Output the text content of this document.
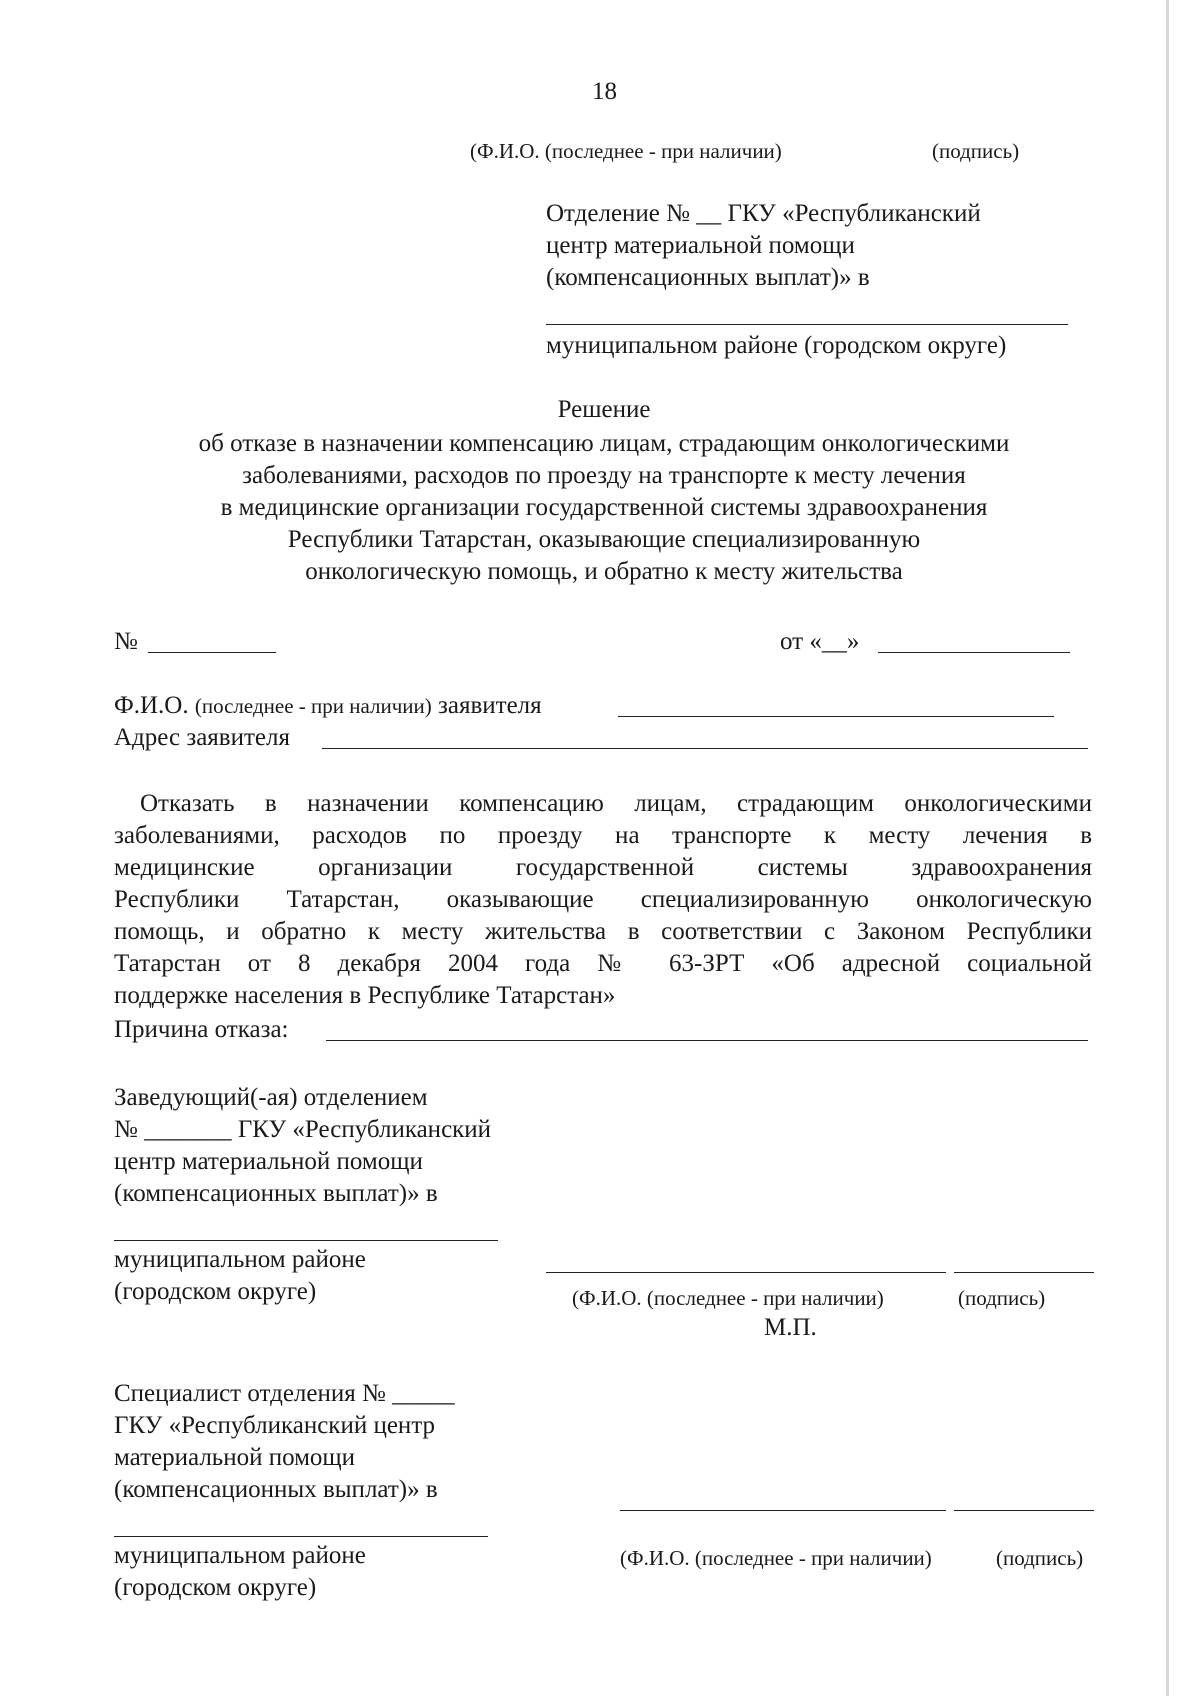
18
(Ф.И.О. (последнее - при наличии)	(подпись)
Отделение № __ ГКУ «Республиканский
центр материальной помощи
(компенсационных выплат)» в
муниципальном районе (городском округе)
Решение
об отказе в назначении компенсацию лицам, страдающим онкологическими
заболеваниями, расходов по проезду на транспорте к месту лечения
в медицинские организации государственной системы здравоохранения
Республики Татарстан, оказывающие специализированную
онкологическую помощь, и обратно к месту жительства
№	от «__»
Ф.И.О. (последнее - при наличии) заявителя
Адрес заявителя
Отказать в назначении компенсацию лицам, страдающим онкологическими
заболеваниями, расходов по проезду на транспорте к месту лечения в
медицинские организации государственной системы здравоохранения
Республики Татарстан, оказывающие специализированную онкологическую
помощь, и обратно к месту жительства в соответствии с Законом Республики
Татарстан от 8 декабря 2004 года № 63-ЗРТ «Об адресной социальной
поддержке населения в Республике Татарстан»
Причина отказа:
Заведующий(-ая) отделением
№ _______ ГКУ «Республиканский
центр материальной помощи
(компенсационных выплат)» в
муниципальном районе
(городском округе)	(Ф.И.О. (последнее - при наличии)	(подпись)
М.П.
Специалист отделения № _____
ГКУ «Республиканский центр
материальной помощи
(компенсационных выплат)» в
муниципальном районе
(городском округе)
(Ф.И.О. (последнее - при наличии)	(подпись)
